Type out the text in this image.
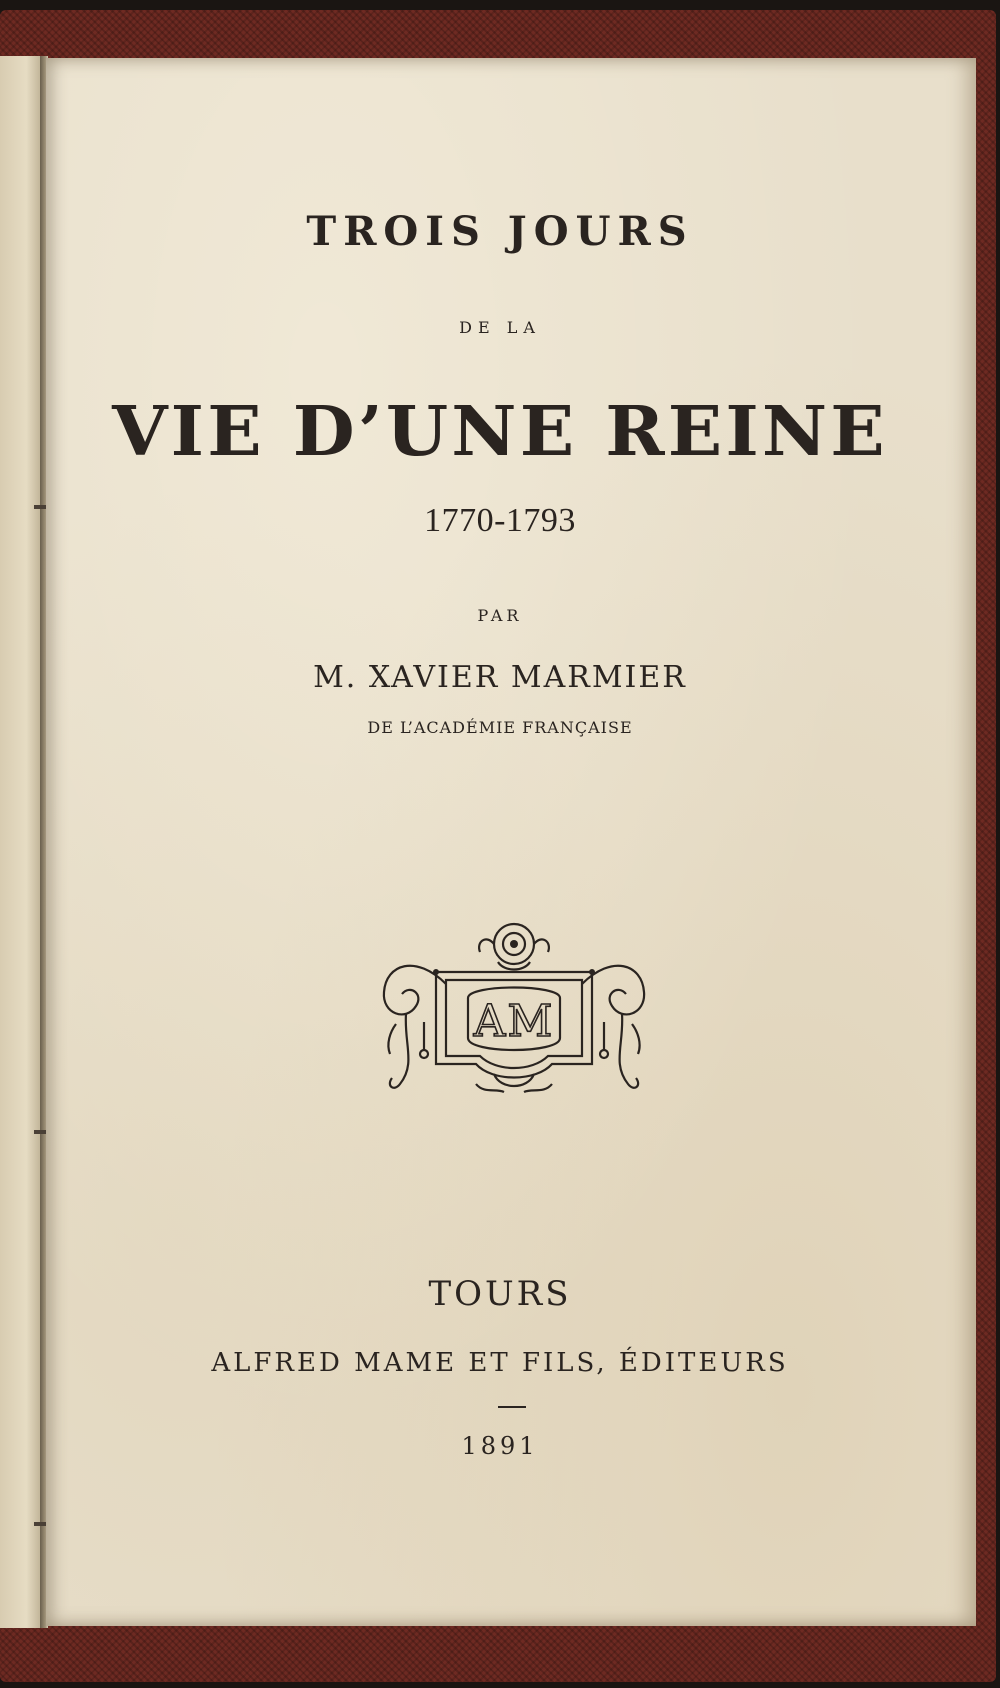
TROIS JOURS
DE LA
VIE D’UNE REINE
1770-1793
PAR
M. XAVIER MARMIER
DE L’ACADÉMIE FRANÇAISE
AM
TOURS
ALFRED MAME ET FILS, ÉDITEURS
1891
